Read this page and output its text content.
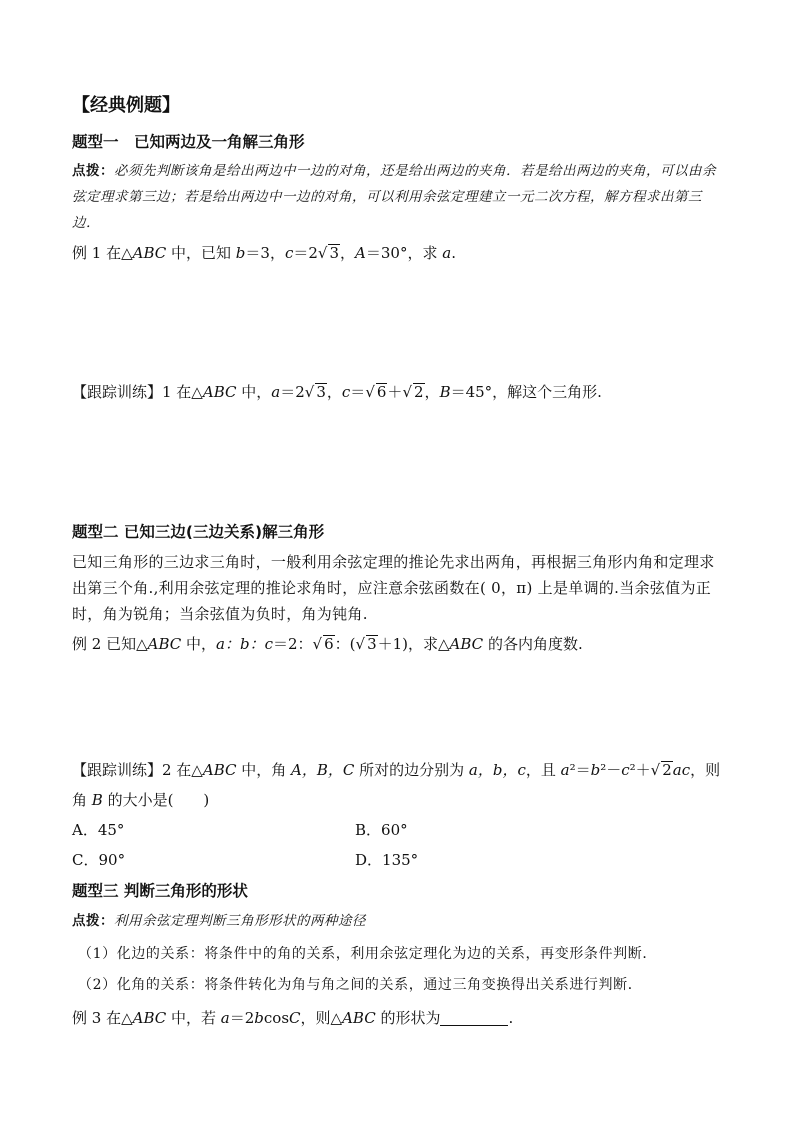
【经典例题】
题型一　已知两边及一角解三角形
点拨：必须先判断该角是给出两边中一边的对角，还是给出两边的夹角．若是给出两边的夹角，可以由余弦定理求第三边；若是给出两边中一边的对角，可以利用余弦定理建立一元二次方程，解方程求出第三边．
例 1 在△ABC 中，已知 b＝3，c＝2√ 3，A＝30°，求 a.
【跟踪训练】1 在△ABC 中，a＝2√ 3，c＝√ 6＋√ 2，B＝45°，解这个三角形.
题型二 已知三边(三边关系)解三角形
已知三角形的三边求三角时，一般利用余弦定理的推论先求出两角，再根据三角形内角和定理求出第三个角.,利用余弦定理的推论求角时，应注意余弦函数在( 0，π) 上是单调的.当余弦值为正时，角为锐角；当余弦值为负时，角为钝角.
例 2 已知△ABC 中，a：b：c＝2：√ 6：(√ 3＋1)，求△ABC 的各内角度数.
【跟踪训练】2 在△ABC 中，角 A，B，C 所对的边分别为 a，b，c，且 a²＝b²－c²＋√ 2ac，则
角 B 的大小是(　　)
A．45°	B．60°
C．90°	D．135°
题型三 判断三角形的形状
点拨：利用余弦定理判断三角形形状的两种途径
（1）化边的关系：将条件中的角的关系，利用余弦定理化为边的关系，再变形条件判断．
（2）化角的关系：将条件转化为角与角之间的关系，通过三角变换得出关系进行判断．
例 3 在△ABC 中，若 a＝2bcosC，则△ABC 的形状为	.
